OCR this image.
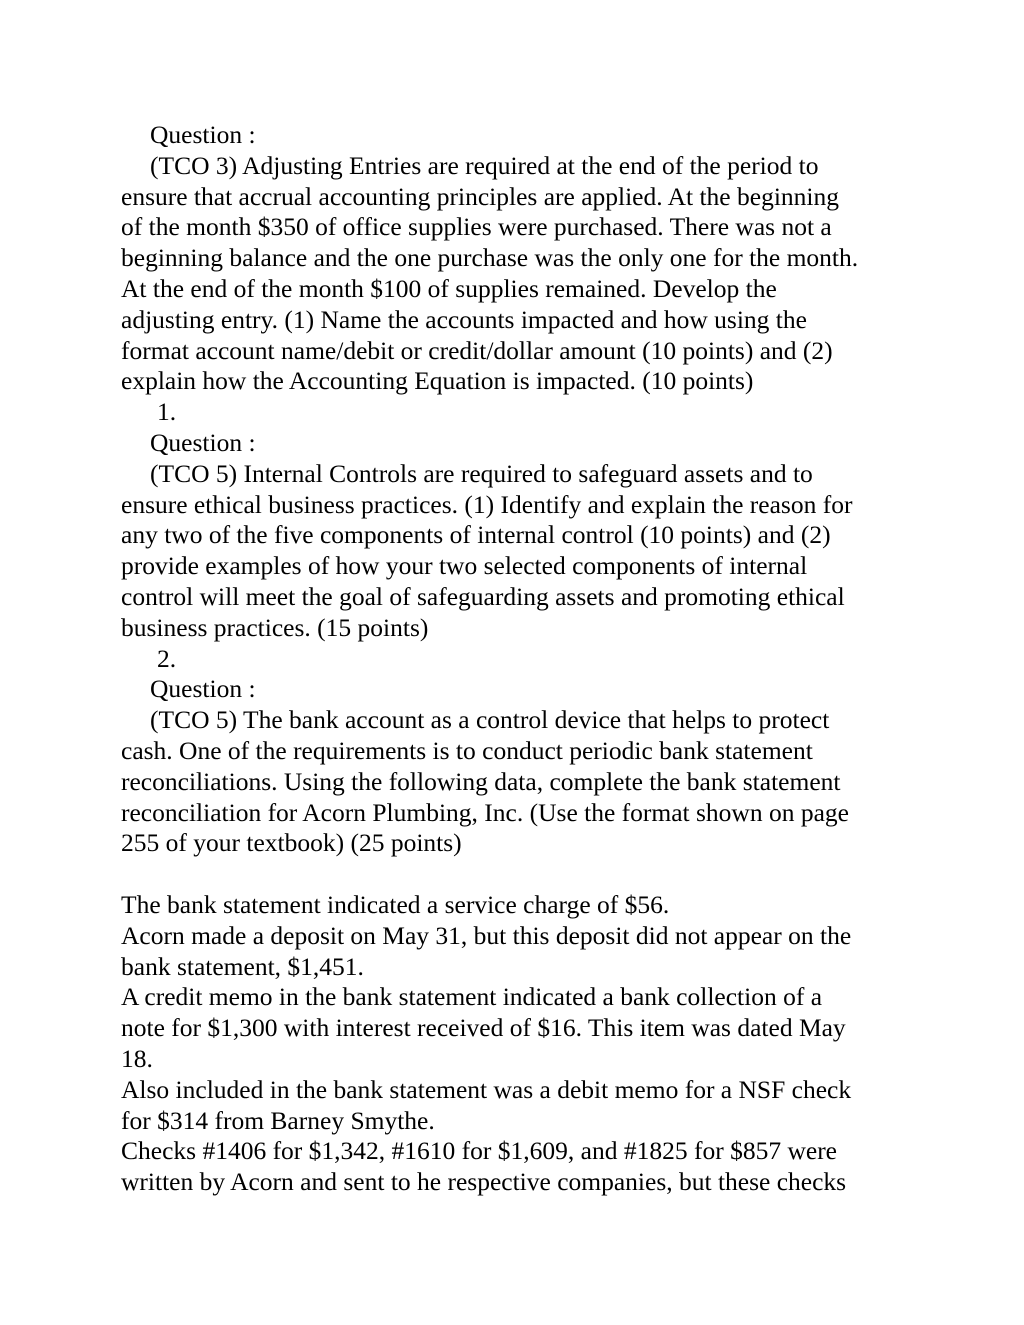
Question :
(TCO 3) Adjusting Entries are required at the end of the period to
ensure that accrual accounting principles are applied. At the beginning
of the month $350 of office supplies were purchased. There was not a
beginning balance and the one purchase was the only one for the month.
At the end of the month $100 of supplies remained. Develop the
adjusting entry. (1) Name the accounts impacted and how using the
format account name/debit or credit/dollar amount (10 points) and (2)
explain how the Accounting Equation is impacted. (10 points)
1.
Question :
(TCO 5) Internal Controls are required to safeguard assets and to
ensure ethical business practices. (1) Identify and explain the reason for
any two of the five components of internal control (10 points) and (2)
provide examples of how your two selected components of internal
control will meet the goal of safeguarding assets and promoting ethical
business practices. (15 points)
2.
Question :
(TCO 5) The bank account as a control device that helps to protect
cash. One of the requirements is to conduct periodic bank statement
reconciliations. Using the following data, complete the bank statement
reconciliation for Acorn Plumbing, Inc. (Use the format shown on page
255 of your textbook) (25 points)
The bank statement indicated a service charge of $56.
Acorn made a deposit on May 31, but this deposit did not appear on the
bank statement, $1,451.
A credit memo in the bank statement indicated a bank collection of a
note for $1,300 with interest received of $16. This item was dated May
18.
Also included in the bank statement was a debit memo for a NSF check
for $314 from Barney Smythe.
Checks #1406 for $1,342, #1610 for $1,609, and #1825 for $857 were
written by Acorn and sent to he respective companies, but these checks
